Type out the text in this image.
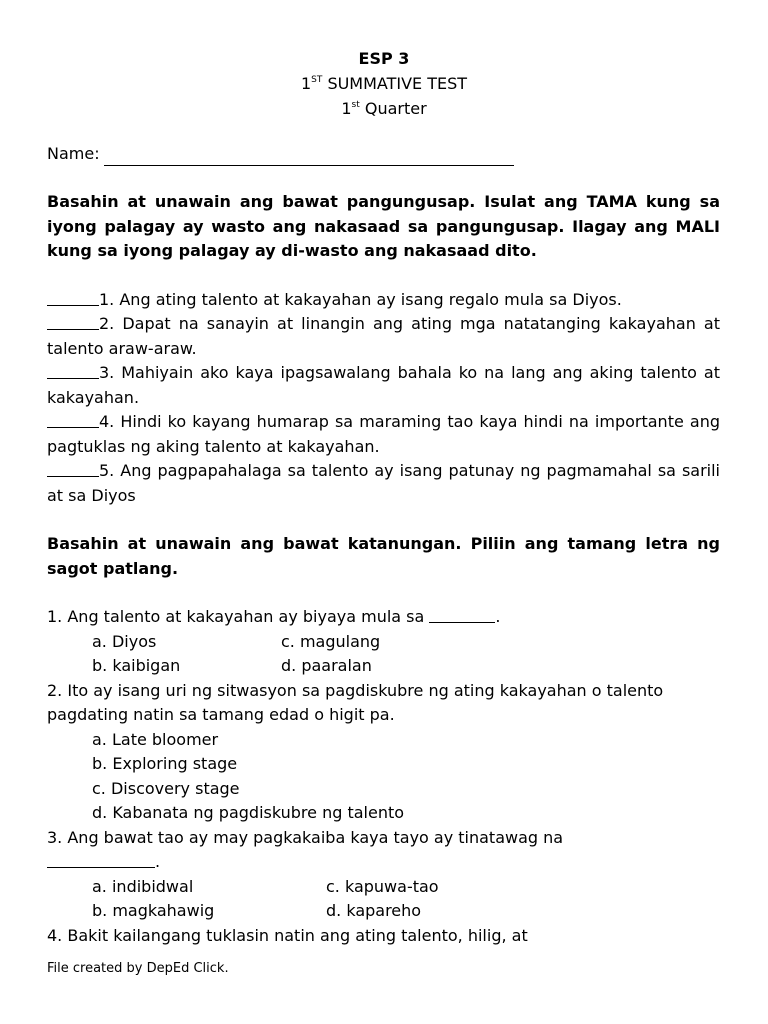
ESP 3
1ST SUMMATIVE TEST
1st Quarter
Name:
Basahin at unawain ang bawat pangungusap. Isulat ang TAMA kung sa iyong palagay ay wasto ang nakasaad sa pangungusap. Ilagay ang MALI kung sa iyong palagay ay di-wasto ang nakasaad dito.
1. Ang ating talento at kakayahan ay isang regalo mula sa Diyos.
2. Dapat na sanayin at linangin ang ating mga natatanging kakayahan at talento araw-araw.
3. Mahiyain ako kaya ipagsawalang bahala ko na lang ang aking talento at kakayahan.
4. Hindi ko kayang humarap sa maraming tao kaya hindi na importante ang pagtuklas ng aking talento at kakayahan.
5. Ang pagpapahalaga sa talento ay isang patunay ng pagmamahal sa sarili at sa Diyos
Basahin at unawain ang bawat katanungan. Piliin ang tamang letra ng sagot patlang.
1. Ang talento at kakayahan ay biyaya mula sa	.
a. Diyos	c. magulang
b. kaibigan	d. paaralan
2. Ito ay isang uri ng sitwasyon sa pagdiskubre ng ating kakayahan o talento pagdating natin sa tamang edad o higit pa.
a. Late bloomer
b. Exploring stage
c. Discovery stage
d. Kabanata ng pagdiskubre ng talento
3. Ang bawat tao ay may pagkakaiba kaya tayo ay tinatawag na
.
a. indibidwal	c. kapuwa-tao
b. magkahawig	d. kapareho
4. Bakit kailangang tuklasin natin ang ating talento, hilig, at
File created by DepEd Click.
